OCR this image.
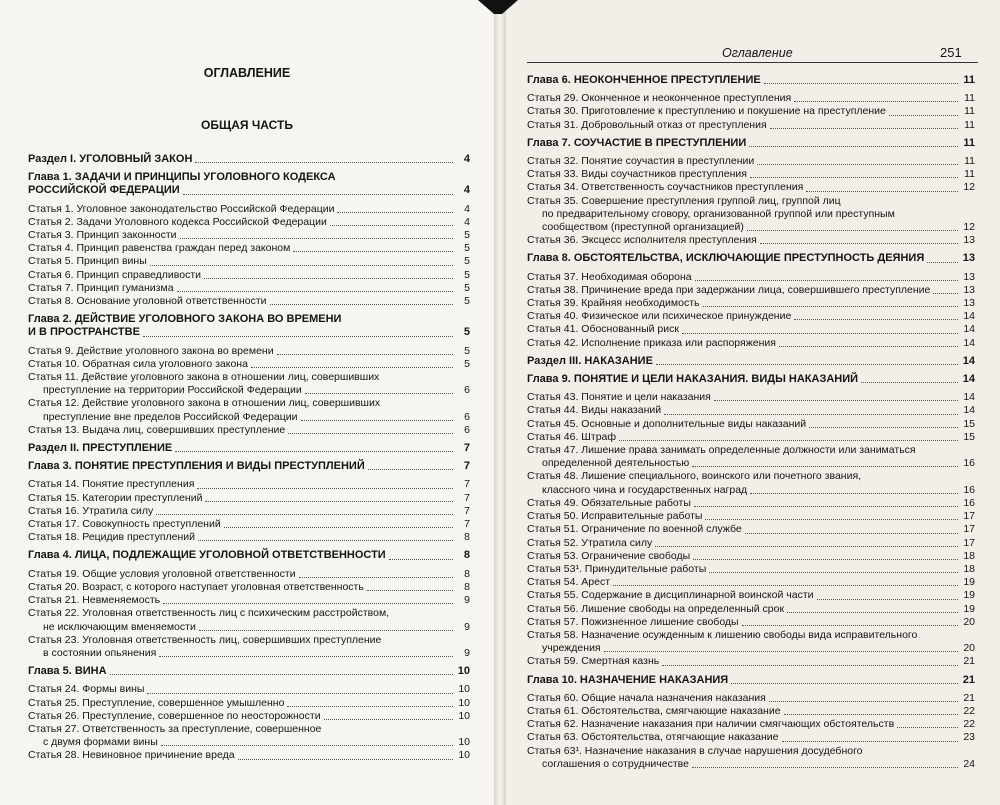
ОГЛАВЛЕНИЕ
ОБЩАЯ ЧАСТЬ
Раздел I. УГОЛОВНЫЙ ЗАКОН	4
Глава 1. ЗАДАЧИ И ПРИНЦИПЫ УГОЛОВНОГО КОДЕКСА
РОССИЙСКОЙ ФЕДЕРАЦИИ	4
Статья 1. Уголовное законодательство Российской Федерации	4
Статья 2. Задачи Уголовного кодекса Российской Федерации	4
Статья 3. Принцип законности	5
Статья 4. Принцип равенства граждан перед законом	5
Статья 5. Принцип вины	5
Статья 6. Принцип справедливости	5
Статья 7. Принцип гуманизма	5
Статья 8. Основание уголовной ответственности	5
Глава 2. ДЕЙСТВИЕ УГОЛОВНОГО ЗАКОНА ВО ВРЕМЕНИ
И В ПРОСТРАНСТВЕ	5
Статья 9. Действие уголовного закона во времени	5
Статья 10. Обратная сила уголовного закона	5
Статья 11. Действие уголовного закона в отношении лиц, совершивших
преступление на территории Российской Федерации	6
Статья 12. Действие уголовного закона в отношении лиц, совершивших
преступление вне пределов Российской Федерации	6
Статья 13. Выдача лиц, совершивших преступление	6
Раздел II. ПРЕСТУПЛЕНИЕ	7
Глава 3. ПОНЯТИЕ ПРЕСТУПЛЕНИЯ И ВИДЫ ПРЕСТУПЛЕНИЙ	7
Статья 14. Понятие преступления	7
Статья 15. Категории преступлений	7
Статья 16. Утратила силу	7
Статья 17. Совокупность преступлений	7
Статья 18. Рецидив преступлений	8
Глава 4. ЛИЦА, ПОДЛЕЖАЩИЕ УГОЛОВНОЙ ОТВЕТСТВЕННОСТИ	8
Статья 19. Общие условия уголовной ответственности	8
Статья 20. Возраст, с которого наступает уголовная ответственность	8
Статья 21. Невменяемость	9
Статья 22. Уголовная ответственность лиц с психическим расстройством,
не исключающим вменяемости	9
Статья 23. Уголовная ответственность лиц, совершивших преступление
в состоянии опьянения	9
Глава 5. ВИНА	10
Статья 24. Формы вины	10
Статья 25. Преступление, совершенное умышленно	10
Статья 26. Преступление, совершенное по неосторожности	10
Статья 27. Ответственность за преступление, совершенное
с двумя формами вины	10
Статья 28. Невиновное причинение вреда	10
Оглавление	251
Глава 6. НЕОКОНЧЕННОЕ ПРЕСТУПЛЕНИЕ	11
Статья 29. Оконченное и неоконченное преступления	11
Статья 30. Приготовление к преступлению и покушение на преступление	11
Статья 31. Добровольный отказ от преступления	11
Глава 7. СОУЧАСТИЕ В ПРЕСТУПЛЕНИИ	11
Статья 32. Понятие соучастия в преступлении	11
Статья 33. Виды соучастников преступления	11
Статья 34. Ответственность соучастников преступления	12
Статья 35. Совершение преступления группой лиц, группой лиц
по предварительному сговору, организованной группой или преступным
сообществом (преступной организацией)	12
Статья 36. Эксцесс исполнителя преступления	13
Глава 8. ОБСТОЯТЕЛЬСТВА, ИСКЛЮЧАЮЩИЕ ПРЕСТУПНОСТЬ ДЕЯНИЯ	13
Статья 37. Необходимая оборона	13
Статья 38. Причинение вреда при задержании лица, совершившего преступление	13
Статья 39. Крайняя необходимость	13
Статья 40. Физическое или психическое принуждение	14
Статья 41. Обоснованный риск	14
Статья 42. Исполнение приказа или распоряжения	14
Раздел III. НАКАЗАНИЕ	14
Глава 9. ПОНЯТИЕ И ЦЕЛИ НАКАЗАНИЯ. ВИДЫ НАКАЗАНИЙ	14
Статья 43. Понятие и цели наказания	14
Статья 44. Виды наказаний	14
Статья 45. Основные и дополнительные виды наказаний	15
Статья 46. Штраф	15
Статья 47. Лишение права занимать определенные должности или заниматься
определенной деятельностью	16
Статья 48. Лишение специального, воинского или почетного звания,
классного чина и государственных наград	16
Статья 49. Обязательные работы	16
Статья 50. Исправительные работы	17
Статья 51. Ограничение по военной службе	17
Статья 52. Утратила силу	17
Статья 53. Ограничение свободы	18
Статья 53¹. Принудительные работы	18
Статья 54. Арест	19
Статья 55. Содержание в дисциплинарной воинской части	19
Статья 56. Лишение свободы на определенный срок	19
Статья 57. Пожизненное лишение свободы	20
Статья 58. Назначение осужденным к лишению свободы вида исправительного
учреждения	20
Статья 59. Смертная казнь	21
Глава 10. НАЗНАЧЕНИЕ НАКАЗАНИЯ	21
Статья 60. Общие начала назначения наказания	21
Статья 61. Обстоятельства, смягчающие наказание	22
Статья 62. Назначение наказания при наличии смягчающих обстоятельств	22
Статья 63. Обстоятельства, отягчающие наказание	23
Статья 63¹. Назначение наказания в случае нарушения досудебного
соглашения о сотрудничестве	24
